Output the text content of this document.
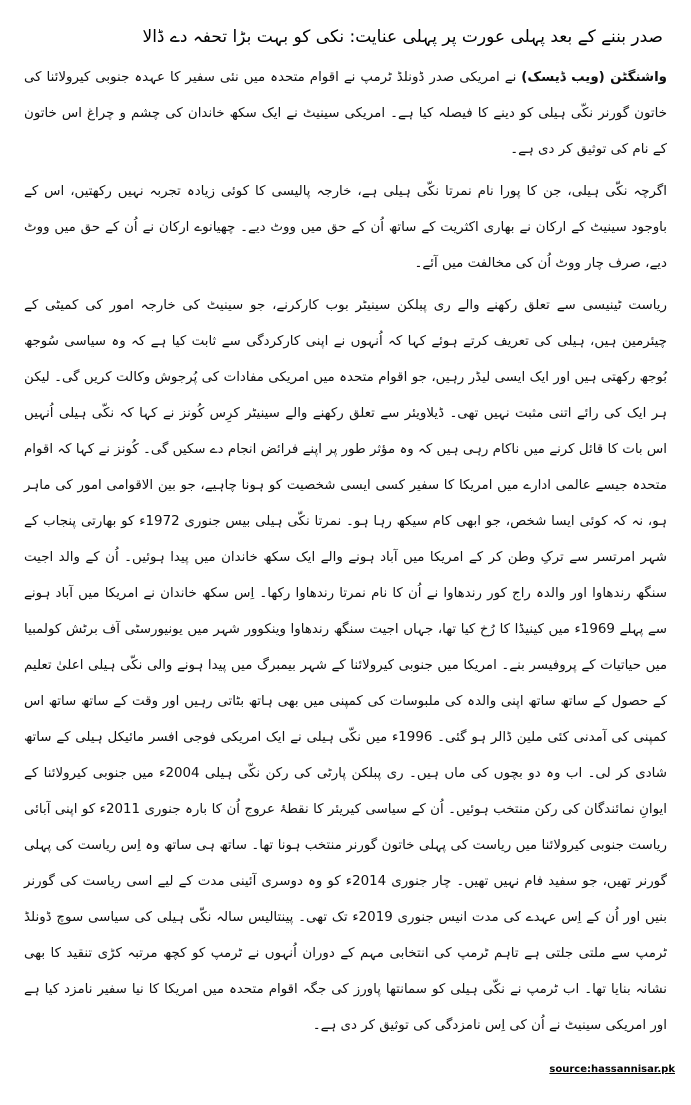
صدر بننے کے بعد پہلی عورت پر پہلی عنایت: نکی کو بہت بڑا تحفہ دے ڈالا

واشنگٹن (ویب ڈیسک) نے امریکی صدر ڈونلڈ ٹرمپ نے اقوام متحدہ میں نئی سفیر کا عہدہ جنوبی کیرولائنا کی خاتون گورنر نکّی ہیلی کو دینے کا فیصلہ کیا ہے۔ امریکی سینیٹ نے ایک سکھ خاندان کی چشم و چراغ اس خاتون کے نام کی توثیق کر دی ہے۔

اگرچہ نکّی ہیلی، جن کا پورا نام نمرتا نکّی ہیلی ہے، خارجہ پالیسی کا کوئی زیادہ تجربہ نہیں رکھتیں، اس کے باوجود سینیٹ کے ارکان نے بھاری اکثریت کے ساتھ اُن کے حق میں ووٹ دیے۔ چھیانوے ارکان نے اُن کے حق میں ووٹ دیے، صرف چار ووٹ اُن کی مخالفت میں آئے۔

ریاست ٹینیسی سے تعلق رکھنے والے ری پبلکن سینیٹر بوب کارکرنے، جو سینیٹ کی خارجہ امور کی کمیٹی کے چیئرمین ہیں، ہیلی کی تعریف کرتے ہوئے کہا کہ اُنہوں نے اپنی کارکردگی سے ثابت کیا ہے کہ وہ سیاسی سُوجھ بُوجھ رکھتی ہیں اور ایک ایسی لیڈر رہیں، جو اقوام متحدہ میں امریکی مفادات کی پُرجوش وکالت کریں گی۔ لیکن ہر ایک کی رائے اتنی مثبت نہیں تھی۔ ڈیلاویئر سے تعلق رکھنے والے سینیٹر کرِس کُونز نے کہا کہ نکّی ہیلی اُنہیں اس بات کا قائل کرنے میں ناکام رہی ہیں کہ وہ مؤثر طور پر اپنے فرائض انجام دے سکیں گی۔ کُونز نے کہا کہ اقوام متحدہ جیسے عالمی ادارے میں امریکا کا سفیر کسی ایسی شخصیت کو ہونا چاہیے، جو بین الاقوامی امور کی ماہر ہو، نہ کہ کوئی ایسا شخص، جو ابھی کام سیکھ رہا ہو۔ نمرتا نکّی ہیلی بیس جنوری 1972ء کو بھارتی پنجاب کے شہر امرتسر سے ترکِ وطن کر کے امریکا میں آباد ہونے والے ایک سکھ خاندان میں پیدا ہوئیں۔ اُن کے والد اجیت سنگھ رندھاوا اور والدہ راج کور رندھاوا نے اُن کا نام نمرتا رندھاوا رکھا۔ اِس سکھ خاندان نے امریکا میں آباد ہونے سے پہلے 1969ء میں کینیڈا کا رُخ کیا تھا، جہاں اجیت سنگھ رندھاوا وینکوور شہر میں یونیورسٹی آف برٹش کولمبیا میں حیاتیات کے پروفیسر بنے۔ امریکا میں جنوبی کیرولائنا کے شہر بیمبرگ میں پیدا ہونے والی نکّی ہیلی اعلیٰ تعلیم کے حصول کے ساتھ ساتھ اپنی والدہ کی ملبوسات کی کمپنی میں بھی ہاتھ بٹاتی رہیں اور وقت کے ساتھ ساتھ اس کمپنی کی آمدنی کئی ملین ڈالر ہو گئی۔ 1996ء میں نکّی ہیلی نے ایک امریکی فوجی افسر مائیکل ہیلی کے ساتھ شادی کر لی۔ اب وہ دو بچوں کی ماں ہیں۔ ری پبلکن پارٹی کی رکن نکّی ہیلی 2004ء میں جنوبی کیرولائنا کے ایوانِ نمائندگان کی رکن منتخب ہوئیں۔ اُن کے سیاسی کیریئر کا نقطۂ عروج اُن کا بارہ جنوری 2011ء کو اپنی آبائی ریاست جنوبی کیرولائنا میں ریاست کی پہلی خاتون گورنر منتخب ہونا تھا۔ ساتھ ہی ساتھ وہ اِس ریاست کی پہلی گورنر تھیں، جو سفید فام نہیں تھیں۔ چار جنوری 2014ء کو وہ دوسری آئینی مدت کے لیے اسی ریاست کی گورنر بنیں اور اُن کے اِس عہدے کی مدت انیس جنوری 2019ء تک تھی۔ پینتالیس سالہ نکّی ہیلی کی سیاسی سوچ ڈونلڈ ٹرمپ سے ملتی جلتی ہے تاہم ٹرمپ کی انتخابی مہم کے دوران اُنہوں نے ٹرمپ کو کچھ مرتبہ کڑی تنقید کا بھی نشانہ بنایا تھا۔ اب ٹرمپ نے نکّی ہیلی کو سمانتھا پاورز کی جگہ اقوام متحدہ میں امریکا کا نیا سفیر نامزد کیا ہے اور امریکی سینیٹ نے اُن کی اِس نامزدگی کی توثیق کر دی ہے۔

source:hassannisar.pk
